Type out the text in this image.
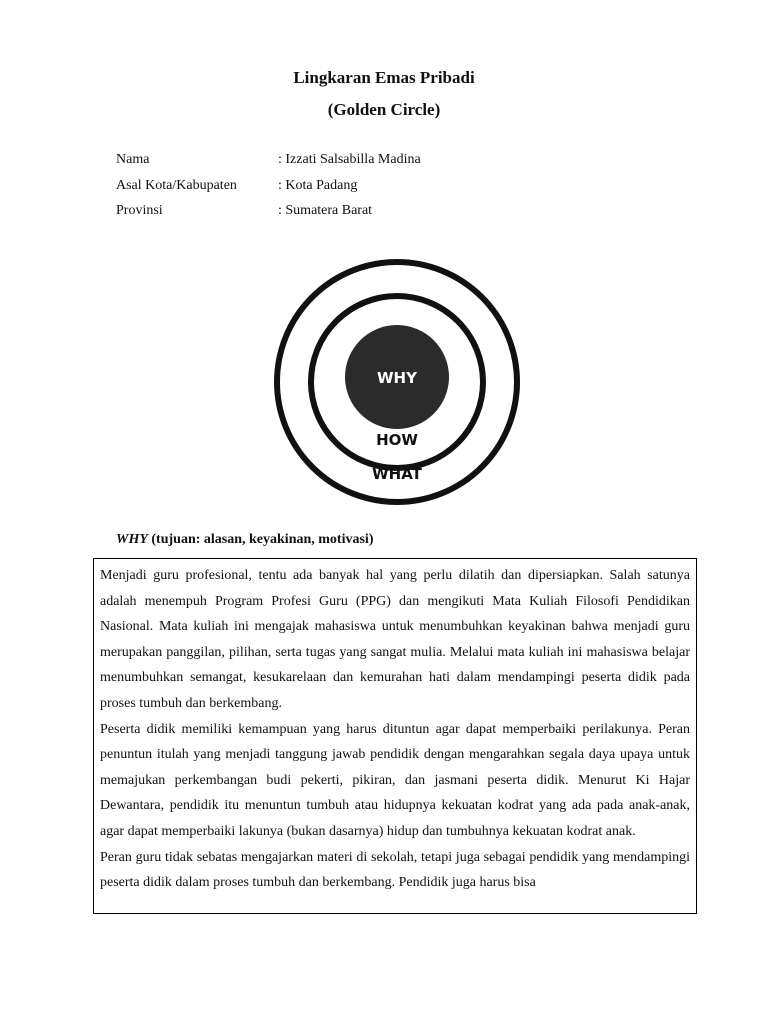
Lingkaran Emas Pribadi
(Golden Circle)
Nama	: Izzati Salsabilla Madina
Asal Kota/Kabupaten	: Kota Padang
Provinsi	: Sumatera Barat
WHY
HOW
WHAT
WHY (tujuan: alasan, keyakinan, motivasi)

Menjadi guru profesional, tentu ada banyak hal yang perlu dilatih dan dipersiapkan. Salah satunya adalah menempuh Program Profesi Guru (PPG) dan mengikuti Mata Kuliah Filosofi Pendidikan Nasional. Mata kuliah ini mengajak mahasiswa untuk menumbuhkan keyakinan bahwa menjadi guru merupakan panggilan, pilihan, serta tugas yang sangat mulia. Melalui mata kuliah ini mahasiswa belajar menumbuhkan semangat, kesukarelaan dan kemurahan hati dalam mendampingi peserta didik pada proses tumbuh dan berkembang.

Peserta didik memiliki kemampuan yang harus dituntun agar dapat memperbaiki perilakunya. Peran penuntun itulah yang menjadi tanggung jawab pendidik dengan mengarahkan segala daya upaya untuk memajukan perkembangan budi pekerti, pikiran, dan jasmani peserta didik. Menurut Ki Hajar Dewantara, pendidik itu menuntun tumbuh atau hidupnya kekuatan kodrat yang ada pada anak-anak, agar dapat memperbaiki lakunya (bukan dasarnya) hidup dan tumbuhnya kekuatan kodrat anak.

Peran guru tidak sebatas mengajarkan materi di sekolah, tetapi juga sebagai pendidik yang mendampingi peserta didik dalam proses tumbuh dan berkembang. Pendidik juga harus bisa
